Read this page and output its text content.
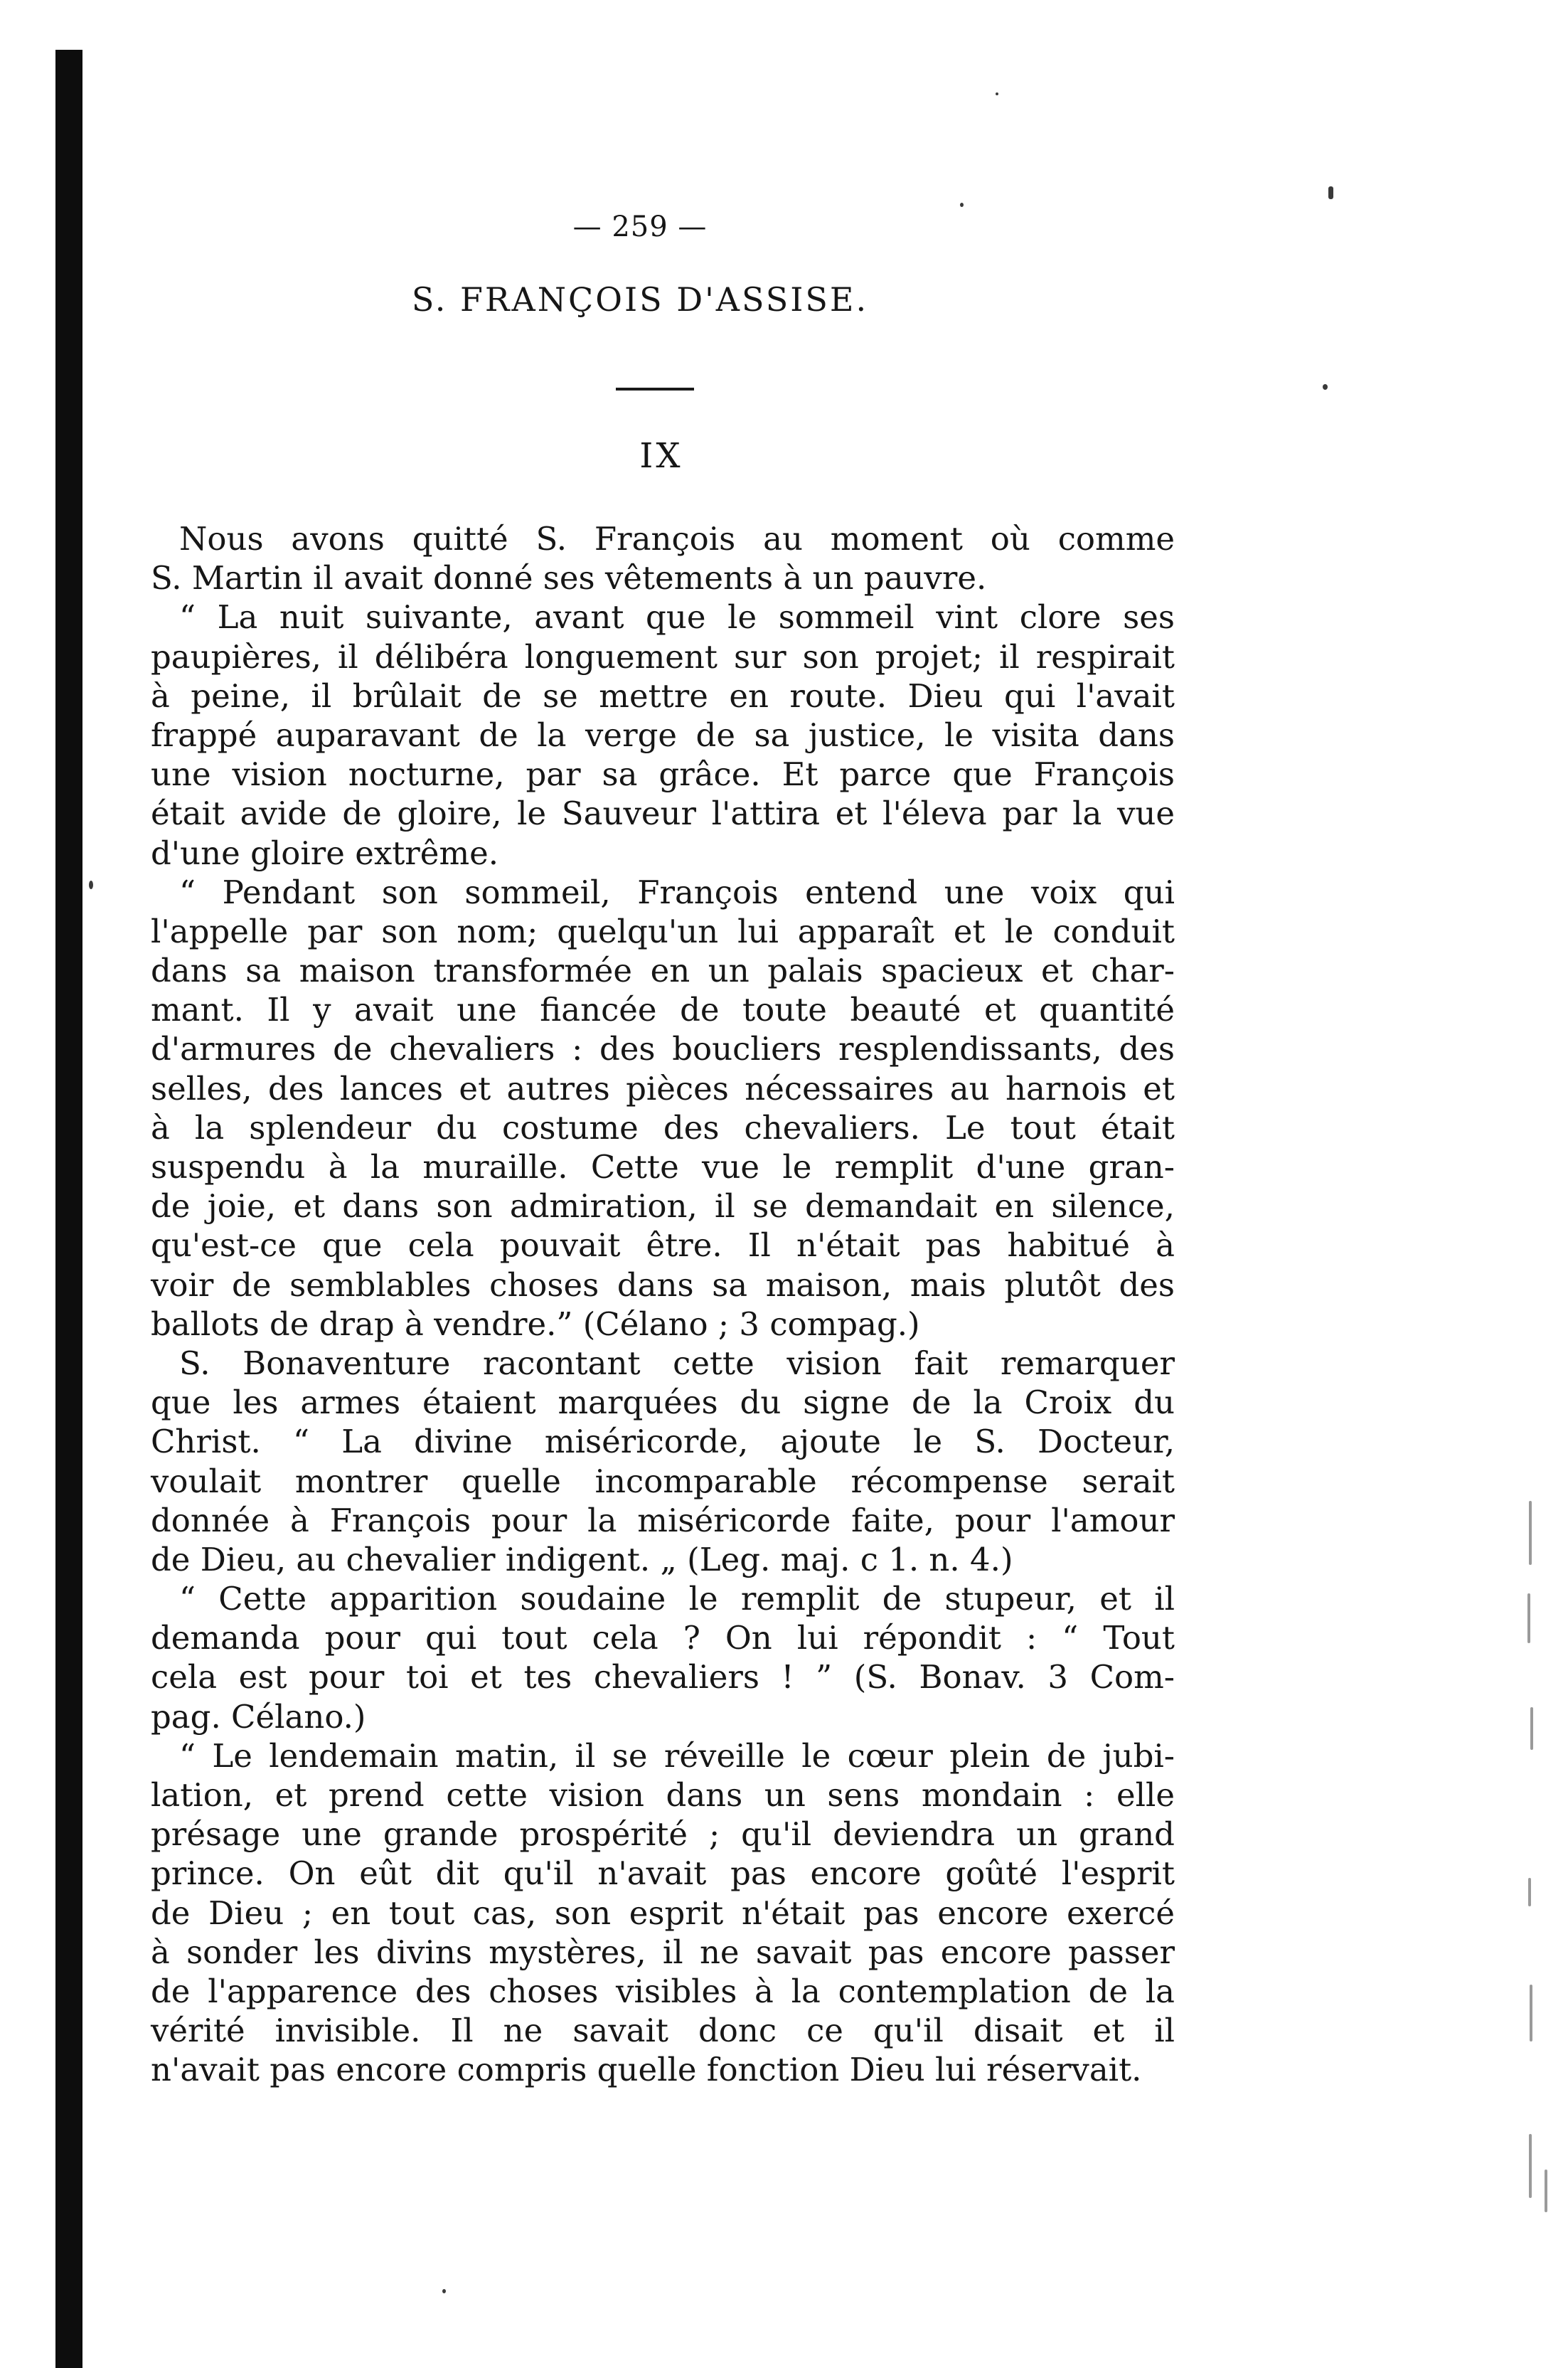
— 259 —
S. FRANÇOIS D'ASSISE.
IX
Nous avons quitté S. François au moment où comme
S. Martin il avait donné ses vêtements à un pauvre.
“ La nuit suivante, avant que le sommeil vint clore ses
paupières, il délibéra longuement sur son projet; il respirait
à peine, il brûlait de se mettre en route. Dieu qui l'avait
frappé auparavant de la verge de sa justice, le visita dans
une vision nocturne, par sa grâce. Et parce que François
était avide de gloire, le Sauveur l'attira et l'éleva par la vue
d'une gloire extrême.
“ Pendant son sommeil, François entend une voix qui
l'appelle par son nom; quelqu'un lui apparaît et le conduit
dans sa maison transformée en un palais spacieux et char-
mant. Il y avait une fiancée de toute beauté et quantité
d'armures de chevaliers : des boucliers resplendissants, des
selles, des lances et autres pièces nécessaires au harnois et
à la splendeur du costume des chevaliers. Le tout était
suspendu à la muraille. Cette vue le remplit d'une gran-
de joie, et dans son admiration, il se demandait en silence,
qu'est-ce que cela pouvait être. Il n'était pas habitué à
voir de semblables choses dans sa maison, mais plutôt des
ballots de drap à vendre.” (Célano ; 3 compag.)
S. Bonaventure racontant cette vision fait remarquer
que les armes étaient marquées du signe de la Croix du
Christ. “ La divine miséricorde, ajoute le S. Docteur,
voulait montrer quelle incomparable récompense serait
donnée à François pour la miséricorde faite, pour l'amour
de Dieu, au chevalier indigent. „ (Leg. maj. c 1. n. 4.)
“ Cette apparition soudaine le remplit de stupeur, et il
demanda pour qui tout cela ? On lui répondit : “ Tout
cela est pour toi et tes chevaliers ! ” (S. Bonav. 3 Com-
pag. Célano.)
“ Le lendemain matin, il se réveille le cœur plein de jubi-
lation, et prend cette vision dans un sens mondain : elle
présage une grande prospérité ; qu'il deviendra un grand
prince. On eût dit qu'il n'avait pas encore goûté l'esprit
de Dieu ; en tout cas, son esprit n'était pas encore exercé
à sonder les divins mystères, il ne savait pas encore passer
de l'apparence des choses visibles à la contemplation de la
vérité invisible. Il ne savait donc ce qu'il disait et il
n'avait pas encore compris quelle fonction Dieu lui réservait.
